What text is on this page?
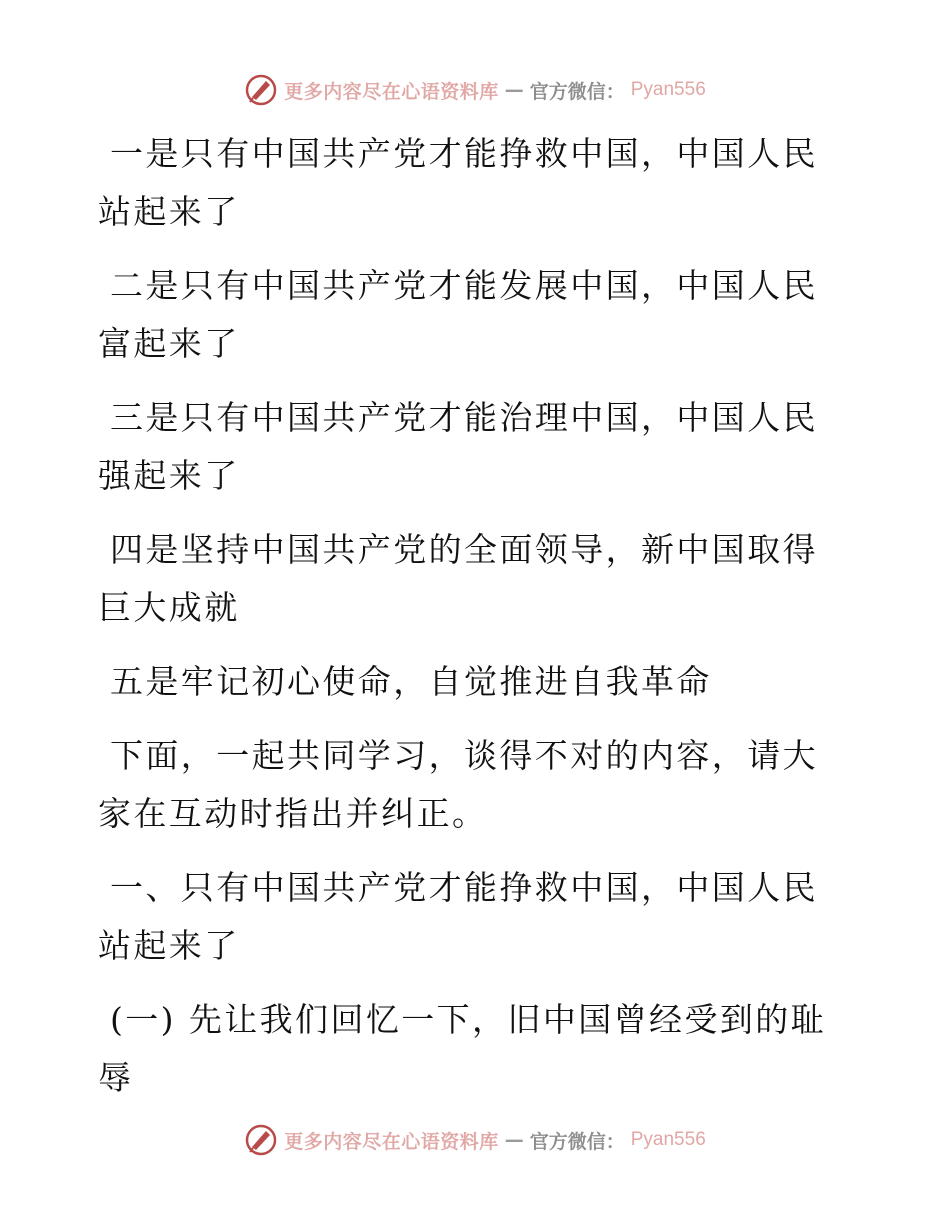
更多内容尽在心语资料库 — 官方微信： Pyan556

一是只有中国共产党才能挣救中国，中国人民站起来了

二是只有中国共产党才能发展中国，中国人民富起来了

三是只有中国共产党才能治理中国，中国人民强起来了

四是坚持中国共产党的全面领导，新中国取得巨大成就

五是牢记初心使命，自觉推进自我革命

下面，一起共同学习，谈得不对的内容，请大家在互动时指出并纠正。

一、只有中国共产党才能挣救中国，中国人民站起来了

(一) 先让我们回忆一下，旧中国曾经受到的耻辱

更多内容尽在心语资料库 — 官方微信： Pyan556
